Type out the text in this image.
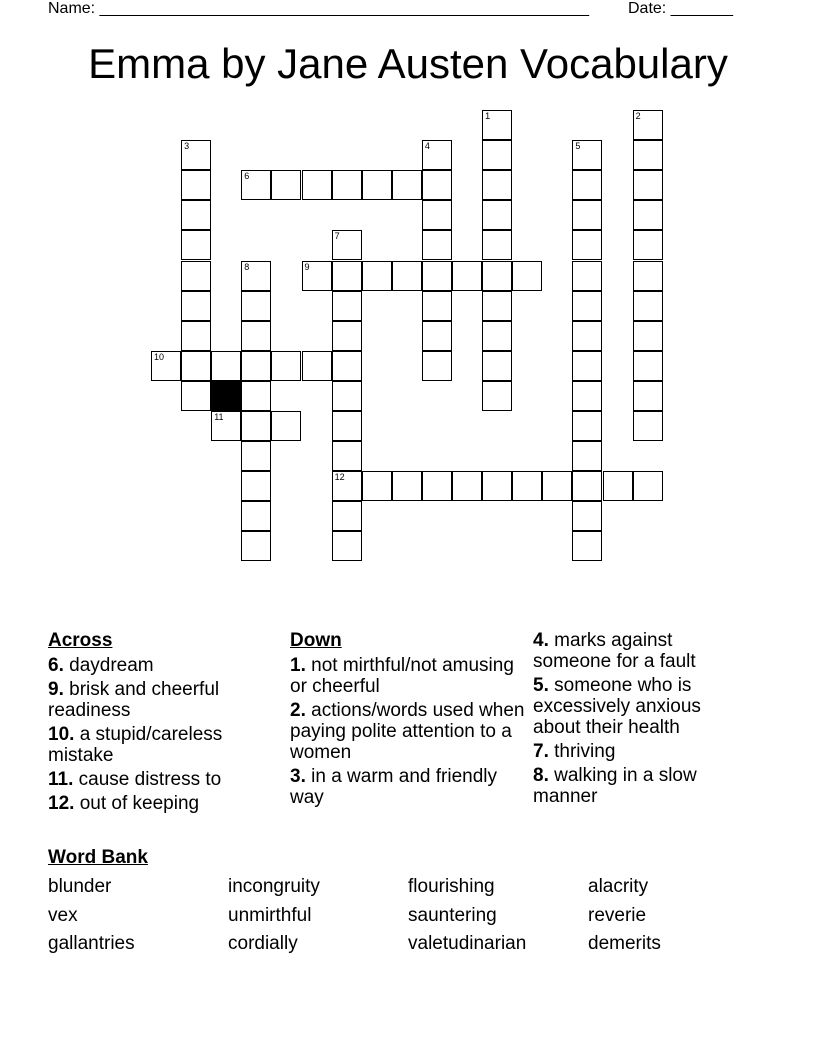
Name: _______________________________________________________ Date: _______
Emma by Jane Austen Vocabulary
1	2
3	4	5
6
7
12
8	9
10
11
Across
6. daydream
9. brisk and cheerful readiness
10. a stupid/careless mistake
11. cause distress to
12. out of keeping
Down
1. not mirthful/not amusing or cheerful
2. actions/words used when paying polite attention to a women
3. in a warm and friendly way
4. marks against someone for a fault
5. someone who is excessively anxious about their health
7. thriving
8. walking in a slow manner
Word Bank
blunder	incongruity	flourishing	alacrity
vex	unmirthful	sauntering	reverie
gallantries	cordially	valetudinarian	demerits
